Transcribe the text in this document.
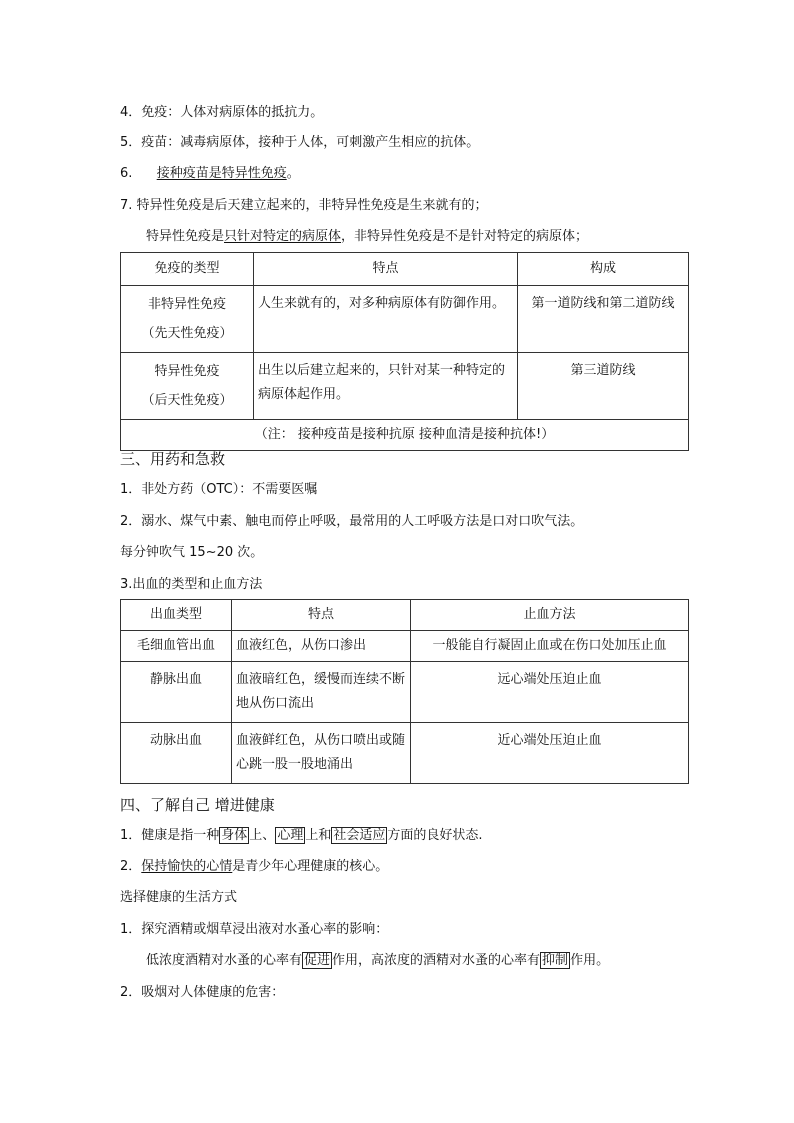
4．免疫：人体对病原体的抵抗力。
5．疫苗：减毒病原体，接种于人体，可刺激产生相应的抗体。
6. 接种疫苗是特异性免疫。
7. 特异性免疫是后天建立起来的，非特异性免疫是生来就有的；
特异性免疫是只针对特定的病原体，非特异性免疫是不是针对特定的病原体；
免疫的类型	特点	构成

非特异性免疫
（先天性免疫）	人生来就有的，对多种病原体有防御作用。	第一道防线和第二道防线

特异性免疫
（后天性免疫）	出生以后建立起来的，只针对某一种特定的病原体起作用。	第三道防线
（注： 接种疫苗是接种抗原 接种血清是接种抗体!）		
三、用药和急救
1．非处方药（OTC）：不需要医嘱
2．溺水、煤气中素、触电而停止呼吸，最常用的人工呼吸方法是口对口吹气法。
每分钟吹气 15~20 次。
3.出血的类型和止血方法
出血类型	特点	止血方法
毛细血管出血	血液红色，从伤口渗出	一般能自行凝固止血或在伤口处加压止血
静脉出血	血液暗红色，缓慢而连续不断地从伤口流出	远心端处压迫止血
动脉出血	血液鲜红色，从伤口喷出或随心跳一股一股地涌出	近心端处压迫止血
四、了解自己 增进健康
1．健康是指一种 身体 上、 心理 上和 社会适应 方面的良好状态.
2．保持愉快的心情是青少年心理健康的核心。
选择健康的生活方式
1．探究酒精或烟草浸出液对水蚤心率的影响：
低浓度酒精对水蚤的心率有 促进 作用，高浓度的酒精对水蚤的心率有 抑制 作用。
2．吸烟对人体健康的危害：
